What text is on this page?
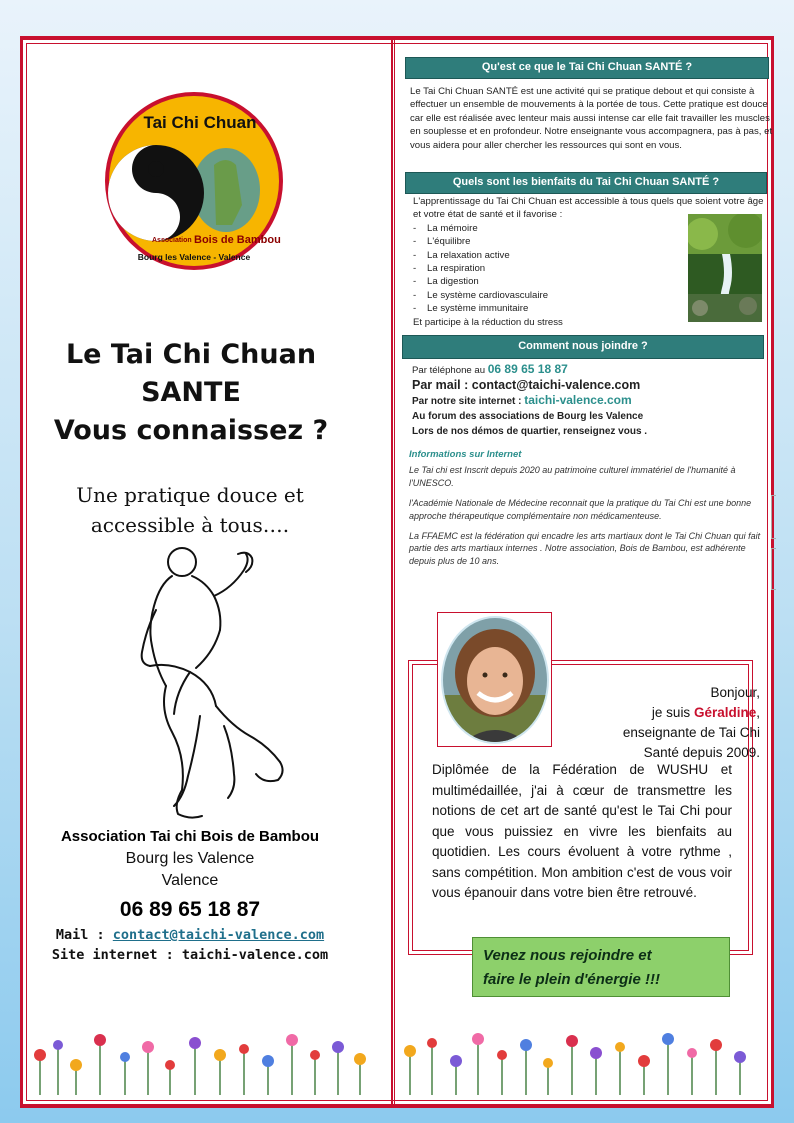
Tai Chi Chuan
Association Bois de Bambou
Bourg les Valence - Valence
Le Tai Chi Chuan
SANTE
Vous connaissez ?
Une pratique douce et
accessible à tous….
Association Tai chi Bois de Bambou
Bourg les Valence
Valence
06 89 65 18 87
Mail : contact@taichi-valence.com
Site internet : taichi-valence.com
Qu'est ce que le Tai Chi Chuan SANTÉ ?
Le Tai Chi Chuan SANTÉ est une activité qui se pratique debout et qui consiste à effectuer un ensemble de mouvements à la portée de tous. Cette pratique est douce car elle est réalisée avec lenteur mais aussi intense car elle fait travailler les muscles en souplesse et en profondeur. Notre enseignante vous accompagnera, pas à pas, et vous aidera pour aller chercher les ressources qui sont en vous.
Quels sont les bienfaits du Tai Chi Chuan SANTÉ ?
L'apprentissage du Tai Chi Chuan est accessible à tous quels que soient votre âge et votre état de santé et il favorise :
- La mémoire
- L'équilibre
- La relaxation active
- La respiration
- La digestion
- Le système cardiovasculaire
- Le système immunitaire
Et participe à la réduction du stress
Comment nous joindre ?
Par téléphone au 06 89 65 18 87
Par mail : contact@taichi-valence.com
Par notre site internet : taichi-valence.com
Au forum des associations de Bourg les Valence
Lors de nos démos de quartier, renseignez vous .
Informations sur Internet

Le Tai chi est Inscrit depuis 2020 au patrimoine culturel immatériel de l'humanité à l'UNESCO.

l'Académie Nationale de Médecine reconnait que la pratique du Tai Chi est une bonne approche thérapeutique complémentaire non médicamenteuse.

La FFAEMC est la fédération qui encadre les arts martiaux dont le Tai Chi Chuan qui fait partie des arts martiaux internes . Notre association, Bois de Bambou, est adhérente depuis plus de 10 ans.

Bonjour,
je suis Géraldine,
enseignante de Tai Chi
Santé depuis 2009.
Diplômée de la Fédération de WUSHU et multimédaillée, j'ai à cœur de transmettre les notions de cet art de santé qu'est le Tai Chi pour que vous puissiez en vivre les bienfaits au quotidien. Les cours évoluent à votre rythme , sans compétition. Mon ambition c'est de vous voir vous épanouir dans votre bien être retrouvé.
Venez nous rejoindre et
faire le plein d'énergie !!!
